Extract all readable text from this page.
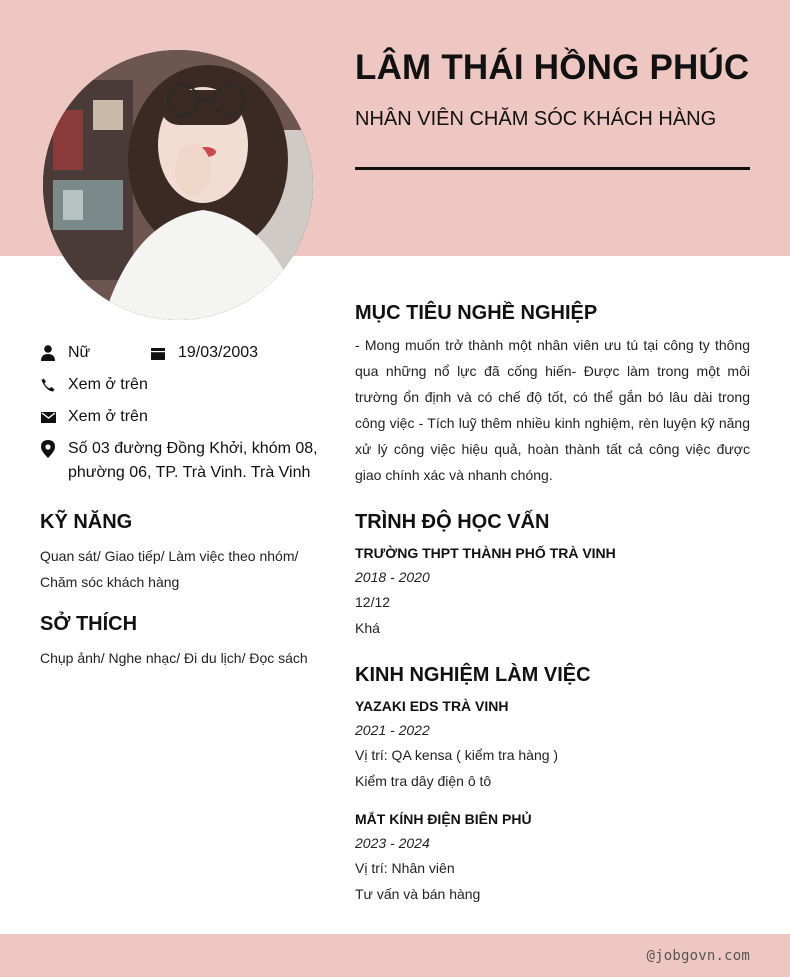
LÂM THÁI HỒNG PHÚC
NHÂN VIÊN CHĂM SÓC KHÁCH HÀNG
Nữ	19/03/2003
Xem ở trên
Xem ở trên
Số 03 đường Đồng Khởi, khóm 08, phường 06, TP. Trà Vinh. Trà Vinh
KỸ NĂNG
Quan sát/ Giao tiếp/ Làm việc theo nhóm/ Chăm sóc khách hàng
SỞ THÍCH
Chụp ảnh/ Nghe nhạc/ Đi du lịch/ Đọc sách
MỤC TIÊU NGHỀ NGHIỆP
- Mong muốn trở thành một nhân viên ưu tú tại công ty thông qua những nổ lực đã cống hiến- Được làm trong một môi trường ổn định và có chế độ tốt, có thể gắn bó lâu dài trong công việc - Tích luỹ thêm nhiều kinh nghiệm, rèn luyện kỹ năng xử lý công việc hiệu quả, hoàn thành tất cả công việc được giao chính xác và nhanh chóng.
TRÌNH ĐỘ HỌC VẤN
TRƯỜNG THPT THÀNH PHỐ TRÀ VINH
2018 - 2020
12/12
Khá
KINH NGHIỆM LÀM VIỆC
YAZAKI EDS TRÀ VINH
2021 - 2022
Vị trí: QA kensa ( kiểm tra hàng )
Kiểm tra dây điện ô tô
MẮT KÍNH ĐIỆN BIÊN PHỦ
2023 - 2024
Vị trí: Nhân viên
Tư vấn và bán hàng
@jobgovn.com
